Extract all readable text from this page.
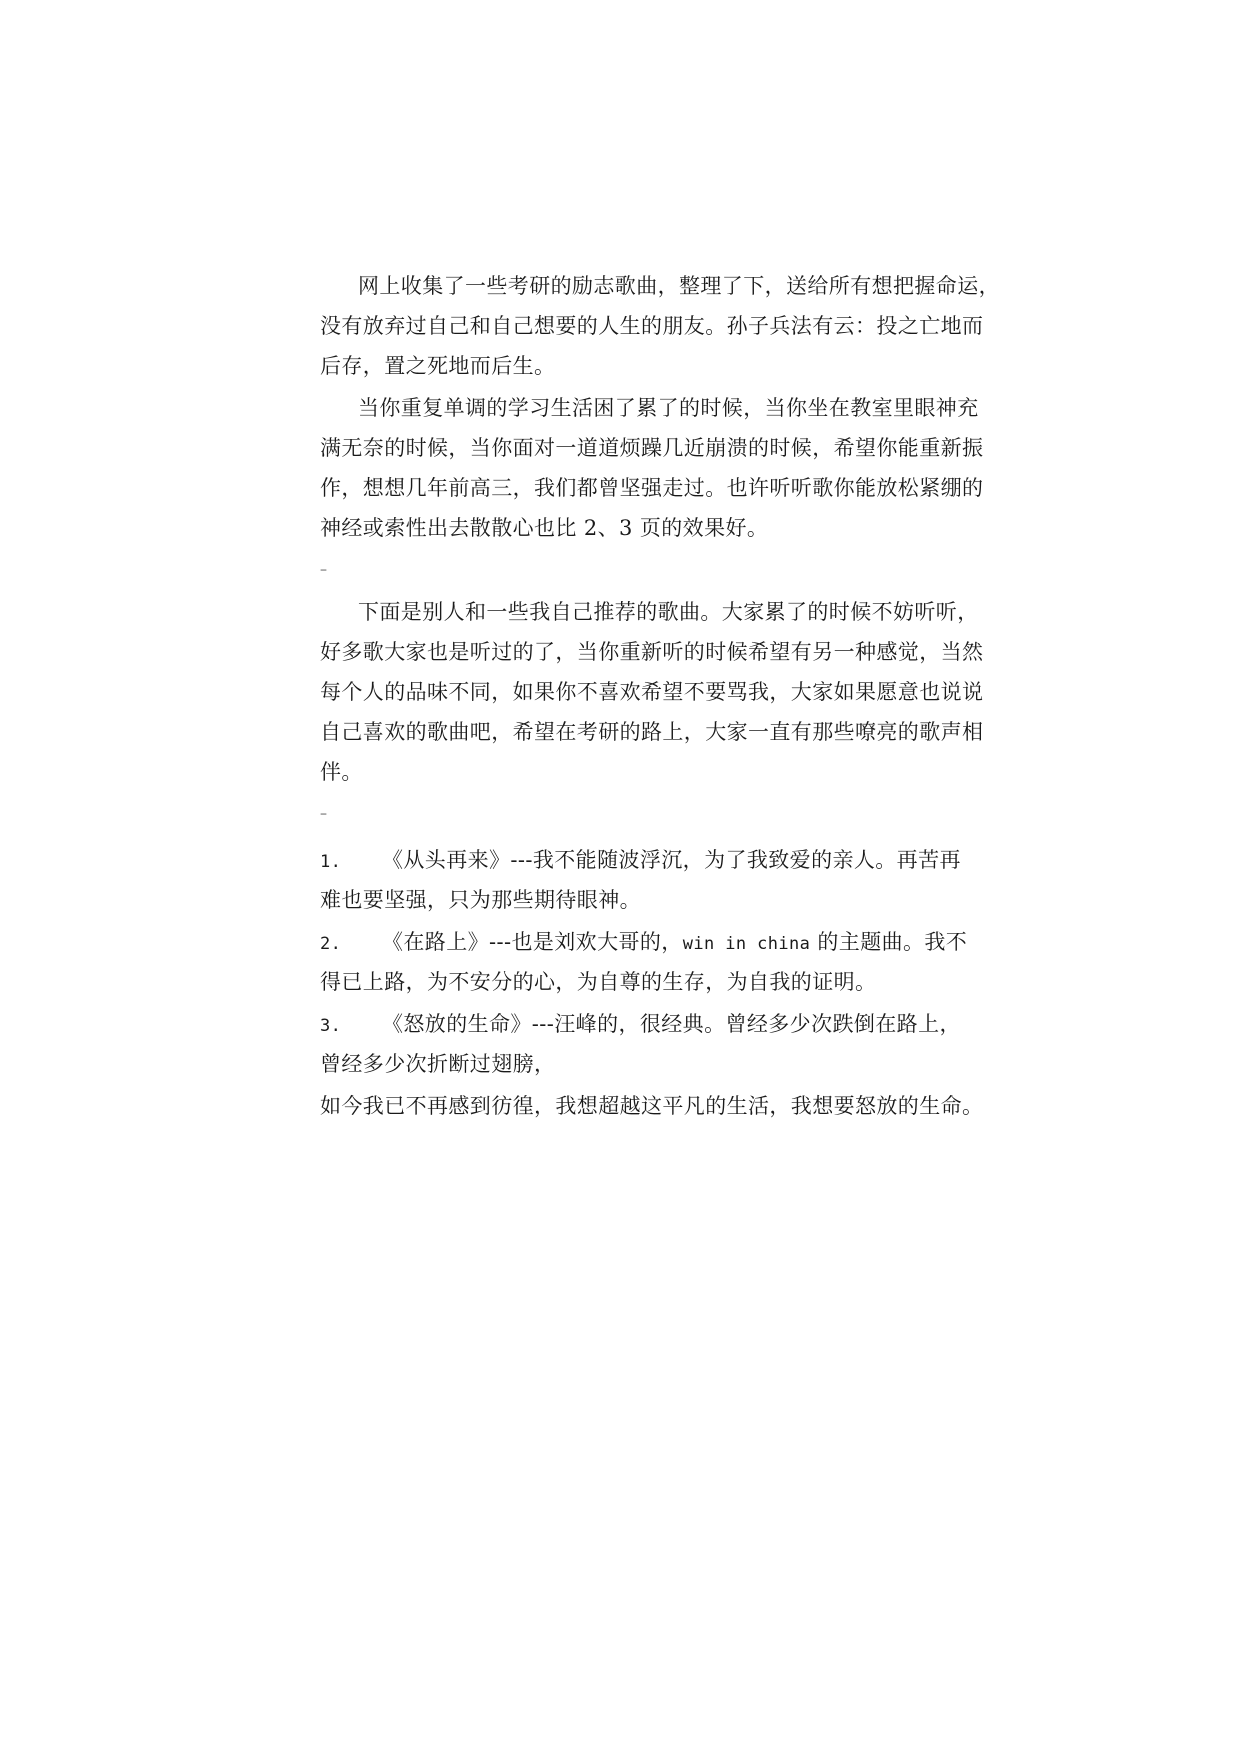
网上收集了一些考研的励志歌曲，整理了下，送给所有想把握命运，
没有放弃过自己和自己想要的人生的朋友。孙子兵法有云：投之亡地而
后存，置之死地而后生。
当你重复单调的学习生活困了累了的时候，当你坐在教室里眼神充
满无奈的时候，当你面对一道道烦躁几近崩溃的时候，希望你能重新振
作，想想几年前高三，我们都曾坚强走过。也许听听歌你能放松紧绷的
神经或索性出去散散心也比 2、3 页的效果好。
–
下面是别人和一些我自己推荐的歌曲。大家累了的时候不妨听听，
好多歌大家也是听过的了，当你重新听的时候希望有另一种感觉，当然
每个人的品味不同，如果你不喜欢希望不要骂我，大家如果愿意也说说
自己喜欢的歌曲吧，希望在考研的路上，大家一直有那些嘹亮的歌声相
伴。
–
1. 《从头再来》---我不能随波浮沉，为了我致爱的亲人。再苦再
难也要坚强，只为那些期待眼神。
2. 《在路上》---也是刘欢大哥的，win in china 的主题曲。我不
得已上路，为不安分的心，为自尊的生存，为自我的证明。
3. 《怒放的生命》---汪峰的，很经典。曾经多少次跌倒在路上，
曾经多少次折断过翅膀，
如今我已不再感到彷徨，我想超越这平凡的生活，我想要怒放的生命。
